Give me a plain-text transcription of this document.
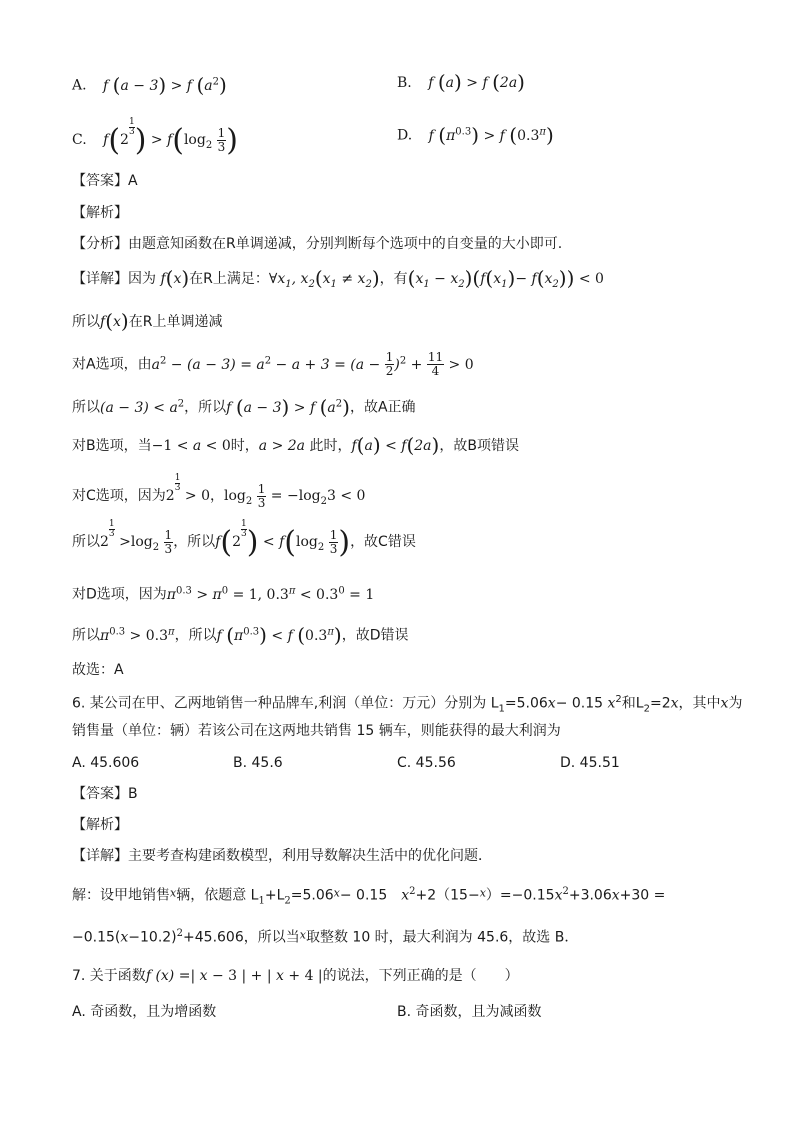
A. f (a − 3) > f $(a^2)$	B. f (a) > f (2a)
C. f(2
$\frac{1}{3}$ ) > $f(\log_2 \frac{1}{3}$ )	D. f $(\pi^{0.3}) > f$ $(0.3^\pi)$
【答案】A
【解析】
【分析】由题意知函数在R单调递减，分别判断每个选项中的自变量的大小即可.
【详解】因为 f(x)在R上满足：$\forall x_1$, $x_2(x_1 \ne x_2)$，有$(x_1 - x_2)(f(x_1)- f(x_2)) < 0$
所以f(x)在R上单调递减
对A选项，由$a^2 - (a - 3) = a^2 - a + 3 = (a - \frac{1}{2} )^2 + \frac{11}{4} > 0$
所以$(a - 3) < a^2$，所以f (a − 3) > f $(a^2)$，故A正确
对B选项，当−1 < a < 0时，a > 2a 此时，f(a) < f(2a)，故B项错误
对C选项，因为2
$\frac{1}{3}$
> 0，$\log_2 \frac{1}{3} = -\log_23 < 0$
所以2
$\frac{1}{3}$
$>\log_2 \frac{1}{3}$ ，所以f(2
$\frac{1}{3}$ ) < $f(\log_2 \frac{1}{3}$ )，故C错误
对D选项，因为$\pi^{0.3} > \pi^0 = 1$, $0.3^\pi < 0.3^0 = 1$
所以$\pi^{0.3} > 0.3^\pi$，所以f $(\pi^{0.3}) < f$ $(0.3^\pi)$，故D错误
故选：A
6. 某公司在甲、乙两地销售一种品牌车,利润（单位：万元）分别为 $L_1=5.06x- 0.15$ $x^2$和$L_2=2x$，其中x为
销售量（单位：辆）若该公司在这两地共销售 15 辆车，则能获得的最大利润为
A. 45.606	B. 45.6	C. 45.56	D. 45.51
【答案】B
【解析】
【详解】主要考查构建函数模型，利用导数解决生活中的优化问题．
解：设甲地销售$^x$辆，依题意 $L_1+L_2=5.06^x- 0.15$　$x^2+2(15-^x)=-0.15x^2+3.06x+30$ =
$-0.15(x-10.2)^2+45.606$，所以当$^x$取整数 10 时，最大利润为 45.6，故选 B．
7. 关于函数f (x) =| x − 3 | + | x + 4 |的说法，下列正确的是（　　）
A. 奇函数，且为增函数	B. 奇函数，且为减函数
